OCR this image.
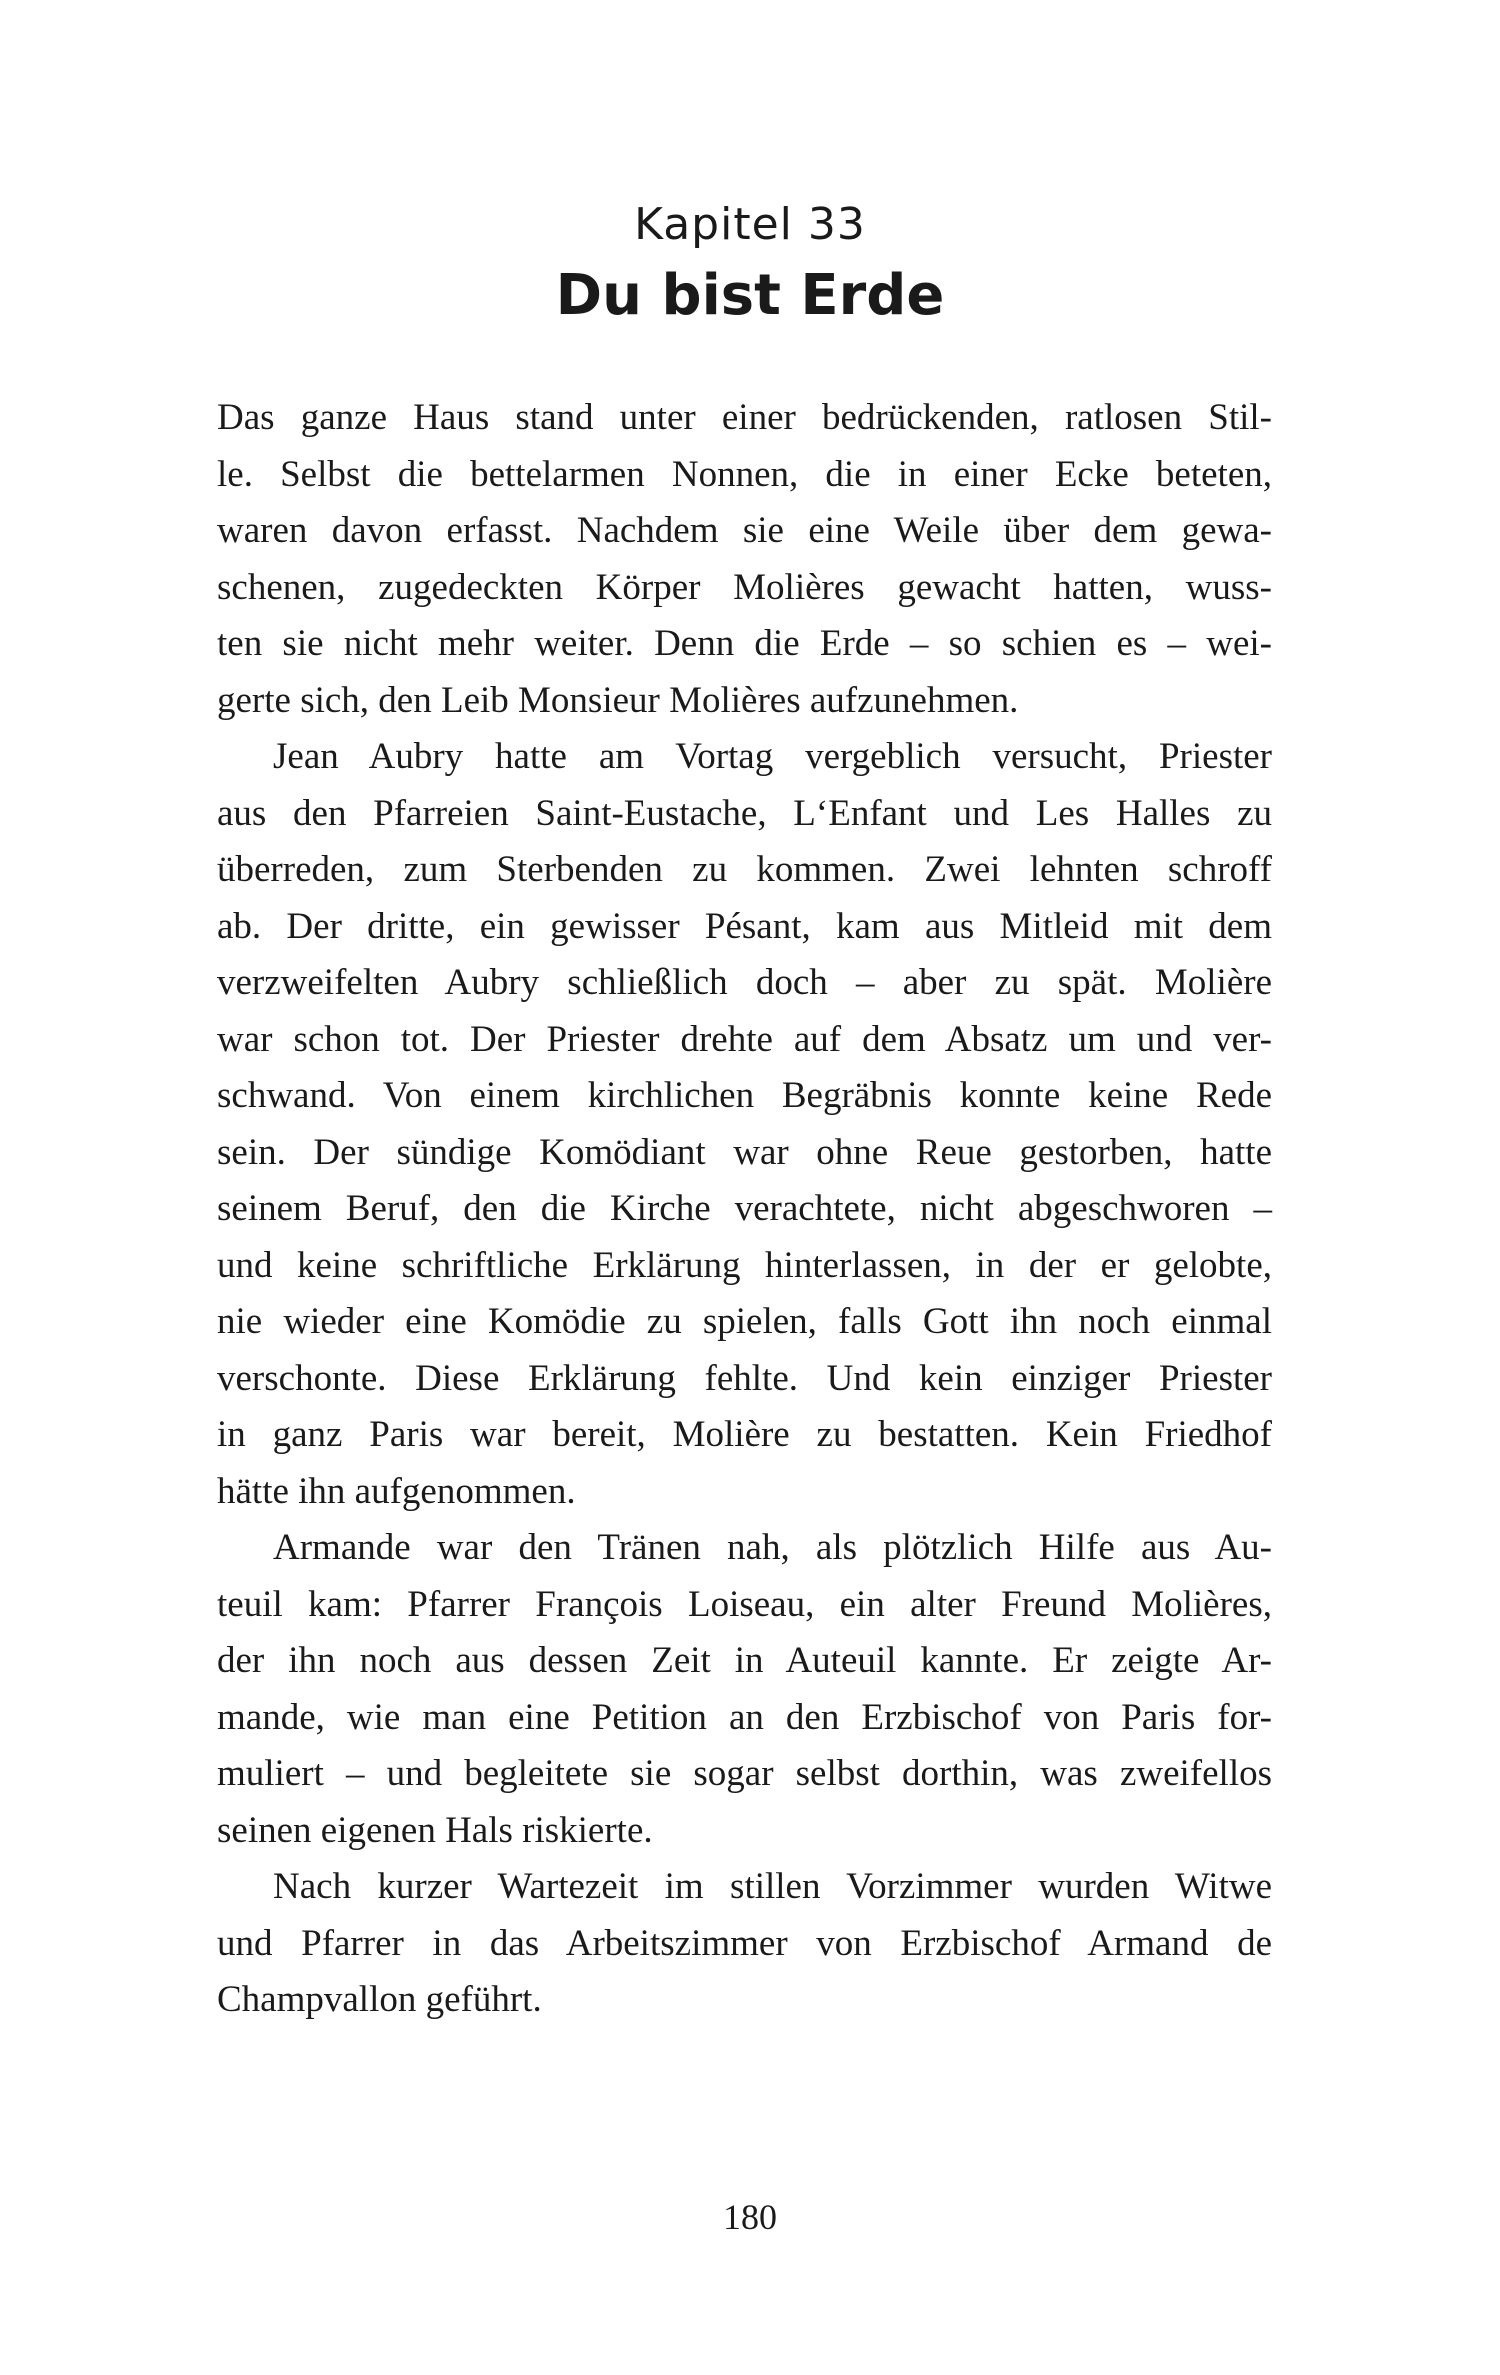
Kapitel 33
Du bist Erde
Das ganze Haus stand unter einer bedrückenden, ratlosen Stil-
le. Selbst die bettelarmen Nonnen, die in einer Ecke beteten,
waren davon erfasst. Nachdem sie eine Weile über dem gewa-
schenen, zugedeckten Körper Molières gewacht hatten, wuss-
ten sie nicht mehr weiter. Denn die Erde – so schien es – wei-
gerte sich, den Leib Monsieur Molières aufzunehmen.
Jean Aubry hatte am Vortag vergeblich versucht, Priester
aus den Pfarreien Saint-Eustache, L‘Enfant und Les Halles zu
überreden, zum Sterbenden zu kommen. Zwei lehnten schroff
ab. Der dritte, ein gewisser Pésant, kam aus Mitleid mit dem
verzweifelten Aubry schließlich doch – aber zu spät. Molière
war schon tot. Der Priester drehte auf dem Absatz um und ver-
schwand. Von einem kirchlichen Begräbnis konnte keine Rede
sein. Der sündige Komödiant war ohne Reue gestorben, hatte
seinem Beruf, den die Kirche verachtete, nicht abgeschworen –
und keine schriftliche Erklärung hinterlassen, in der er gelobte,
nie wieder eine Komödie zu spielen, falls Gott ihn noch einmal
verschonte. Diese Erklärung fehlte. Und kein einziger Priester
in ganz Paris war bereit, Molière zu bestatten. Kein Friedhof
hätte ihn aufgenommen.
Armande war den Tränen nah, als plötzlich Hilfe aus Au-
teuil kam: Pfarrer François Loiseau, ein alter Freund Molières,
der ihn noch aus dessen Zeit in Auteuil kannte. Er zeigte Ar-
mande, wie man eine Petition an den Erzbischof von Paris for-
muliert – und begleitete sie sogar selbst dorthin, was zweifellos
seinen eigenen Hals riskierte.
Nach kurzer Wartezeit im stillen Vorzimmer wurden Witwe
und Pfarrer in das Arbeitszimmer von Erzbischof Armand de
Champvallon geführt.
180
